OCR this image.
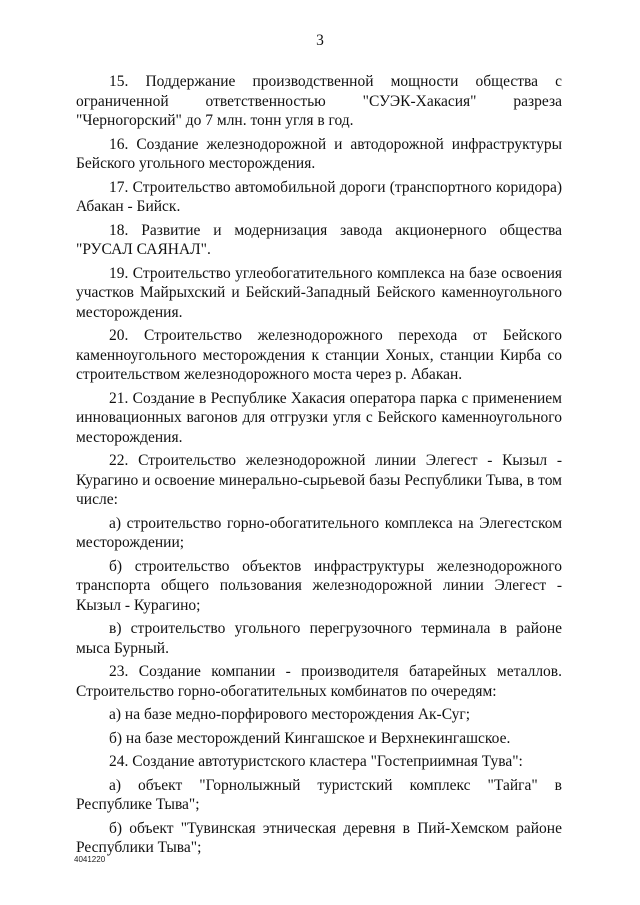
3

15. Поддержание производственной мощности общества с ограниченной ответственностью "СУЭК-Хакасия" разреза "Черногорский" до 7 млн. тонн угля в год.

16. Создание железнодорожной и автодорожной инфраструктуры Бейского угольного месторождения.

17. Строительство автомобильной дороги (транспортного коридора) Абакан - Бийск.

18. Развитие и модернизация завода акционерного общества "РУСАЛ САЯНАЛ".

19. Строительство углеобогатительного комплекса на базе освоения участков Майрыхский и Бейский-Западный Бейского каменноугольного месторождения.

20. Строительство железнодорожного перехода от Бейского каменноугольного месторождения к станции Хоных, станции Кирба со строительством железнодорожного моста через р. Абакан.

21. Создание в Республике Хакасия оператора парка с применением инновационных вагонов для отгрузки угля с Бейского каменноугольного месторождения.

22. Строительство железнодорожной линии Элегест - Кызыл - Курагино и освоение минерально-сырьевой базы Республики Тыва, в том числе:

а) строительство горно-обогатительного комплекса на Элегестском месторождении;

б) строительство объектов инфраструктуры железнодорожного транспорта общего пользования железнодорожной линии Элегест - Кызыл - Курагино;

в) строительство угольного перегрузочного терминала в районе мыса Бурный.

23. Создание компании - производителя батарейных металлов. Строительство горно-обогатительных комбинатов по очередям:

а) на базе медно-порфирового месторождения Ак-Суг;

б) на базе месторождений Кингашское и Верхнекингашское.

24. Создание автотуристского кластера "Гостеприимная Тува":

а) объект "Горнолыжный туристский комплекс "Тайга" в Республике Тыва";

б) объект "Тувинская этническая деревня в Пий-Хемском районе Республики Тыва";

4041220
